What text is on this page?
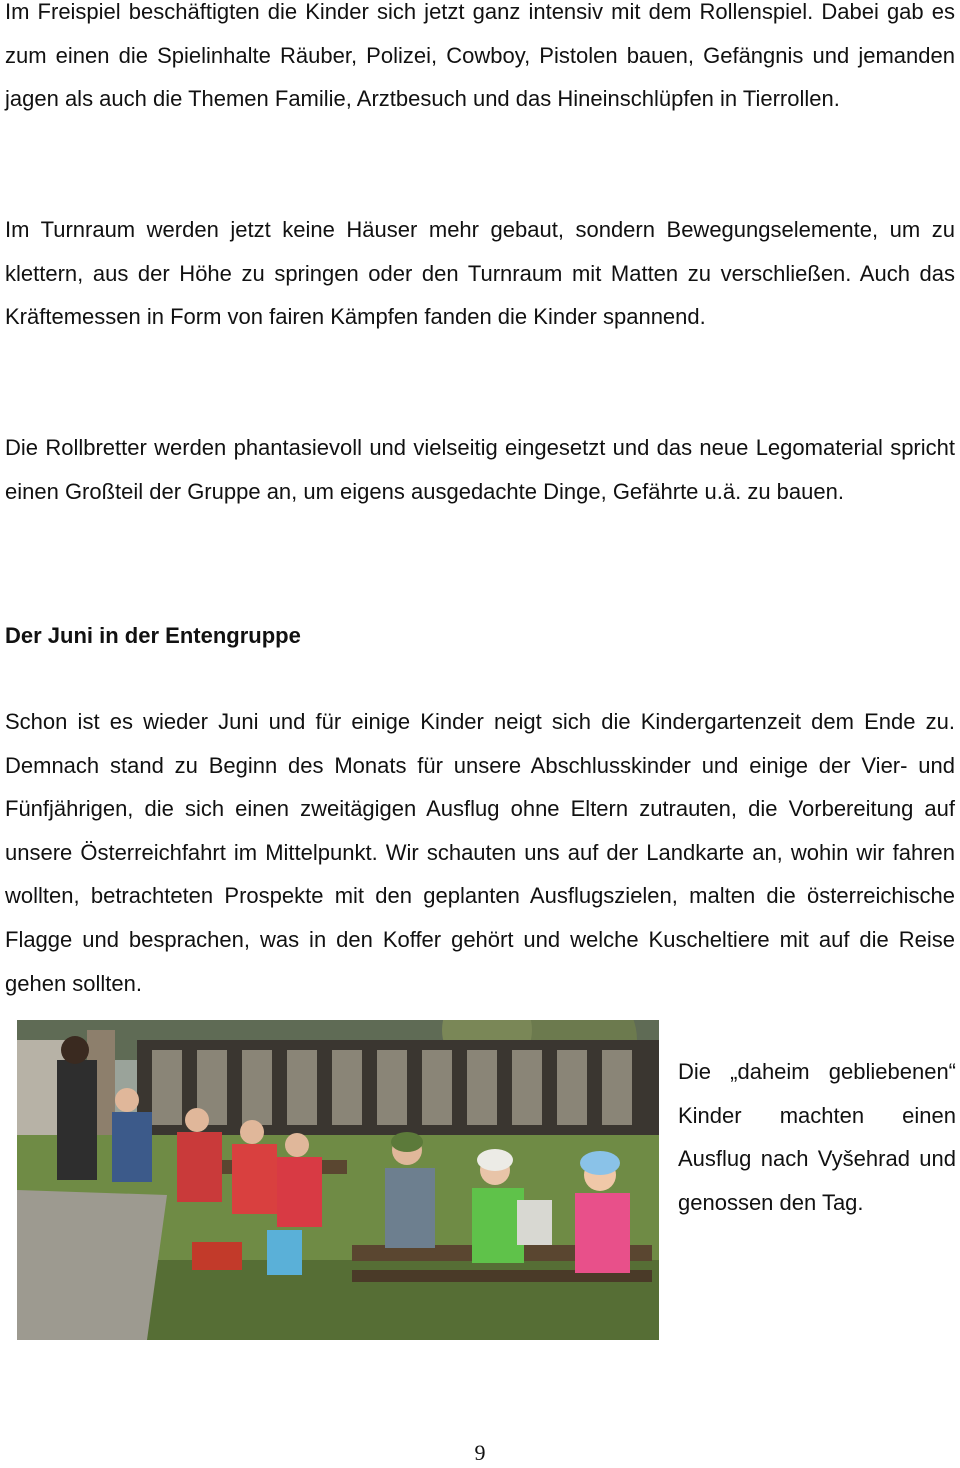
Im Freispiel beschäftigten die Kinder sich jetzt ganz intensiv mit dem Rollenspiel. Dabei gab es zum einen die Spielinhalte Räuber, Polizei, Cowboy, Pistolen bauen, Gefängnis und jemanden jagen als auch die Themen Familie, Arztbesuch und das Hineinschlüpfen in Tierrollen.

Im Turnraum werden jetzt keine Häuser mehr gebaut, sondern Bewegungselemente, um zu klettern, aus der Höhe zu springen oder den Turnraum mit Matten zu verschließen. Auch das Kräftemessen in Form von fairen Kämpfen fanden die Kinder spannend.

Die Rollbretter werden phantasievoll und vielseitig eingesetzt und das neue Legomaterial spricht einen Großteil der Gruppe an, um eigens ausgedachte Dinge, Gefährte u.ä. zu bauen.

Der Juni in der Entengruppe

Schon ist es wieder Juni und für einige Kinder neigt sich die Kindergartenzeit dem Ende zu. Demnach stand zu Beginn des Monats für unsere Abschlusskinder und einige der Vier- und Fünfjährigen, die sich einen zweitägigen Ausflug ohne Eltern zutrauten, die Vorbereitung auf unsere Österreichfahrt im Mittelpunkt. Wir schauten uns auf der Landkarte an, wohin wir fahren wollten, betrachteten Prospekte mit den geplanten Ausflugszielen, malten die österreichische Flagge und besprachen, was in den Koffer gehört und welche Kuscheltiere mit auf die Reise gehen sollten.

Die „daheim gebliebenen“ Kinder machten einen Ausflug nach Vyšehrad und genossen den Tag.

9
